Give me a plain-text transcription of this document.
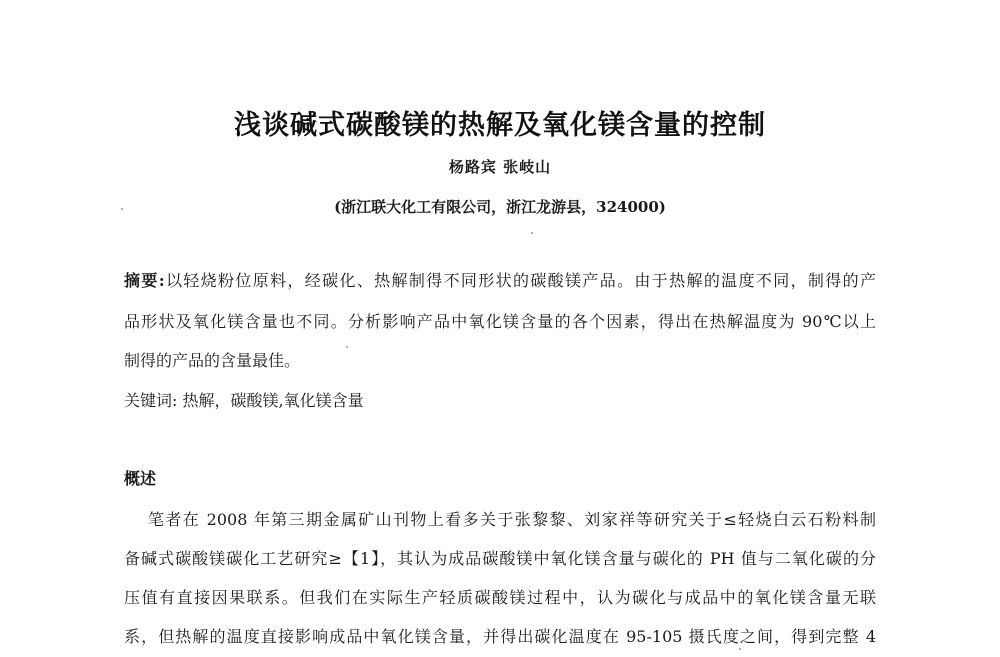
浅谈碱式碳酸镁的热解及氧化镁含量的控制

杨路宾 张岐山

(浙江联大化工有限公司，浙江龙游县，324000)

摘要:以轻烧粉位原料，经碳化、热解制得不同形状的碳酸镁产品。由于热解的温度不同，制得的产

品形状及氧化镁含量也不同。分析影响产品中氧化镁含量的各个因素，得出在热解温度为 90℃以上

制得的产品的含量最佳。

关键词: 热解，碳酸镁,氧化镁含量

概述

笔者在 2008 年第三期金属矿山刊物上看多关于张黎黎、刘家祥等研究关于≤轻烧白云石粉料制

备碱式碳酸镁碳化工艺研究≥【1】，其认为成品碳酸镁中氧化镁含量与碳化的 PH 值与二氧化碳的分

压值有直接因果联系。但我们在实际生产轻质碳酸镁过程中，认为碳化与成品中的氧化镁含量无联

系，但热解的温度直接影响成品中氧化镁含量，并得出碳化温度在 95-105 摄氏度之间，得到完整 4
